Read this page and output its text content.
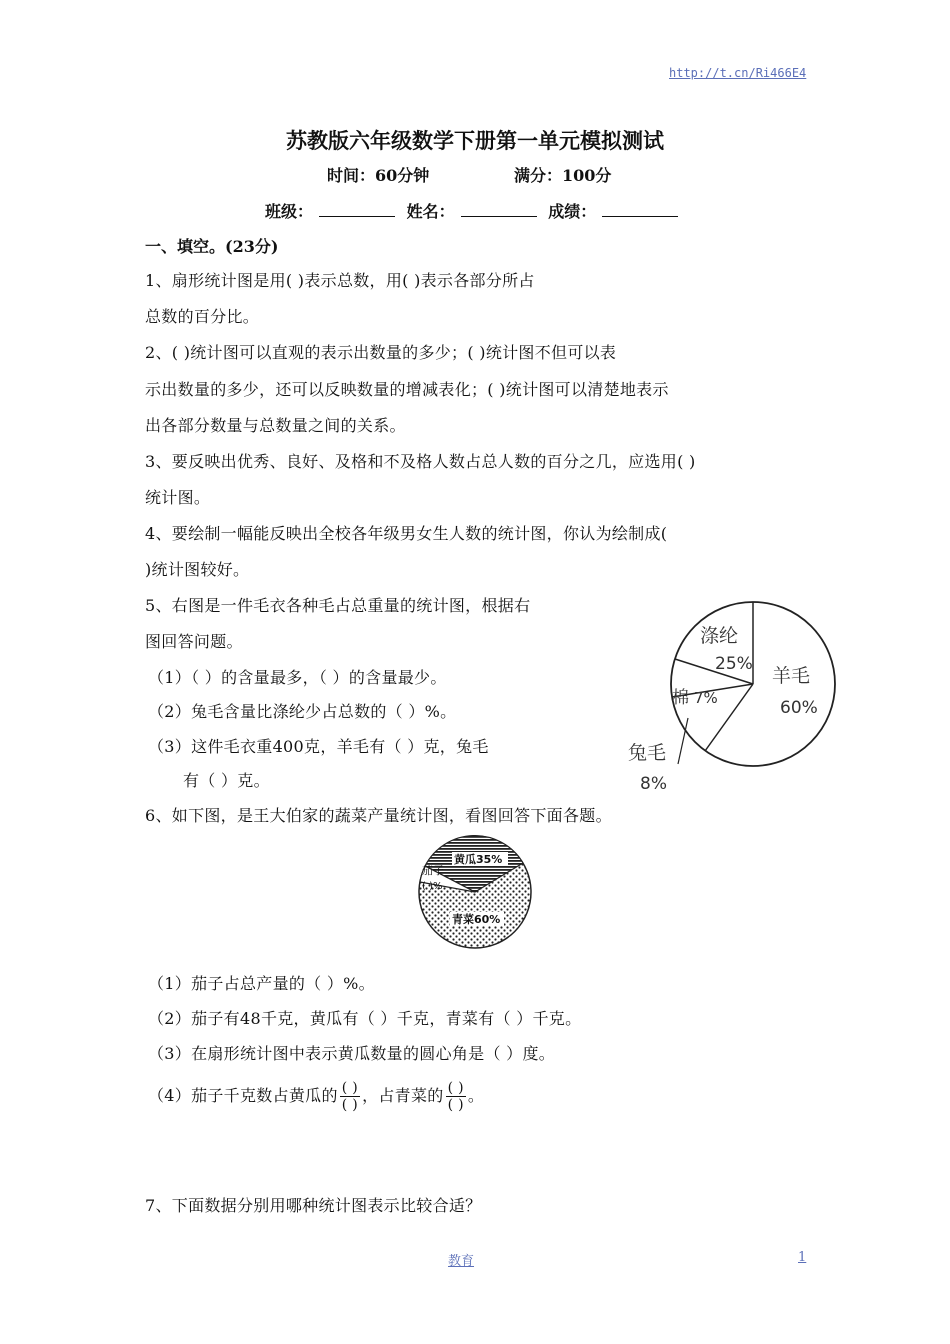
http://t.cn/Ri466E4
苏教版六年级数学下册第一单元模拟测试
时间：60分钟	满分：100分
班级：	姓名：	成绩：
一、填空。(23分)
1、扇形统计图是用( )表示总数，用( )表示各部分所占
总数的百分比。
2、( )统计图可以直观的表示出数量的多少；( )统计图不但可以表
示出数量的多少，还可以反映数量的增减表化；( )统计图可以清楚地表示
出各部分数量与总数量之间的关系。
3、要反映出优秀、良好、及格和不及格人数占总人数的百分之几，应选用( )
统计图。
4、要绘制一幅能反映出全校各年级男女生人数的统计图，你认为绘制成(
)统计图较好。
5、右图是一件毛衣各种毛占总重量的统计图，根据右
图回答问题。
（1）（ ）的含量最多，（ ）的含量最少。
（2）兔毛含量比涤纶少占总数的（ ）%。
（3）这件毛衣重400克，羊毛有（ ）克，兔毛
有（ ）克。
羊毛
60%
涤纶
25%
棉 7%
兔毛
8%
6、如下图，是王大伯家的蔬菜产量统计图，看图回答下面各题。
黄瓜35%
茄子
( )%
青菜60%
（1）茄子占总产量的（ ）%。
（2）茄子有48千克，黄瓜有（ ）千克，青菜有（ ）千克。
（3）在扇形统计图中表示黄瓜数量的圆心角是（ ）度。
（4）茄子千克数占黄瓜的 $\frac{( )}{( )}$ ，占青菜的 $\frac{( )}{( )}$ 。
7、下面数据分别用哪种统计图表示比较合适？
教育	1
